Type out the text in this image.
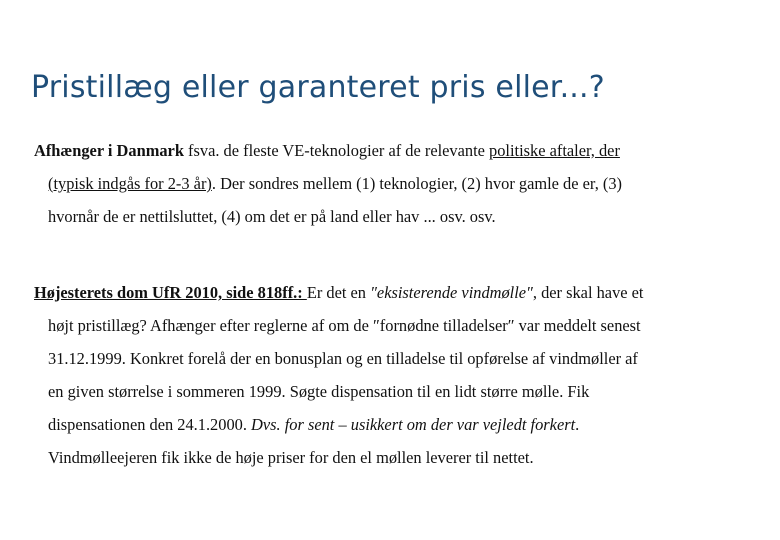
Pristillæg eller garanteret pris eller...?
Afhænger i Danmark fsva. de fleste VE-teknologier af de relevante politiske aftaler, der
(typisk indgås for 2-3 år). Der sondres mellem (1) teknologier, (2) hvor gamle de er, (3)
hvornår de er nettilsluttet, (4) om det er på land eller hav ... osv. osv.
Højesterets dom UfR 2010, side 818ff.: Er det en ″eksisterende vindmølle″, der skal have et
højt pristillæg? Afhænger efter reglerne af om de ″fornødne tilladelser″ var meddelt senest
31.12.1999. Konkret forelå der en bonusplan og en tilladelse til opførelse af vindmøller af
en given størrelse i sommeren 1999. Søgte dispensation til en lidt større mølle. Fik
dispensationen den 24.1.2000. Dvs. for sent – usikkert om der var vejledt forkert.
Vindmølleejeren fik ikke de høje priser for den el møllen leverer til nettet.
